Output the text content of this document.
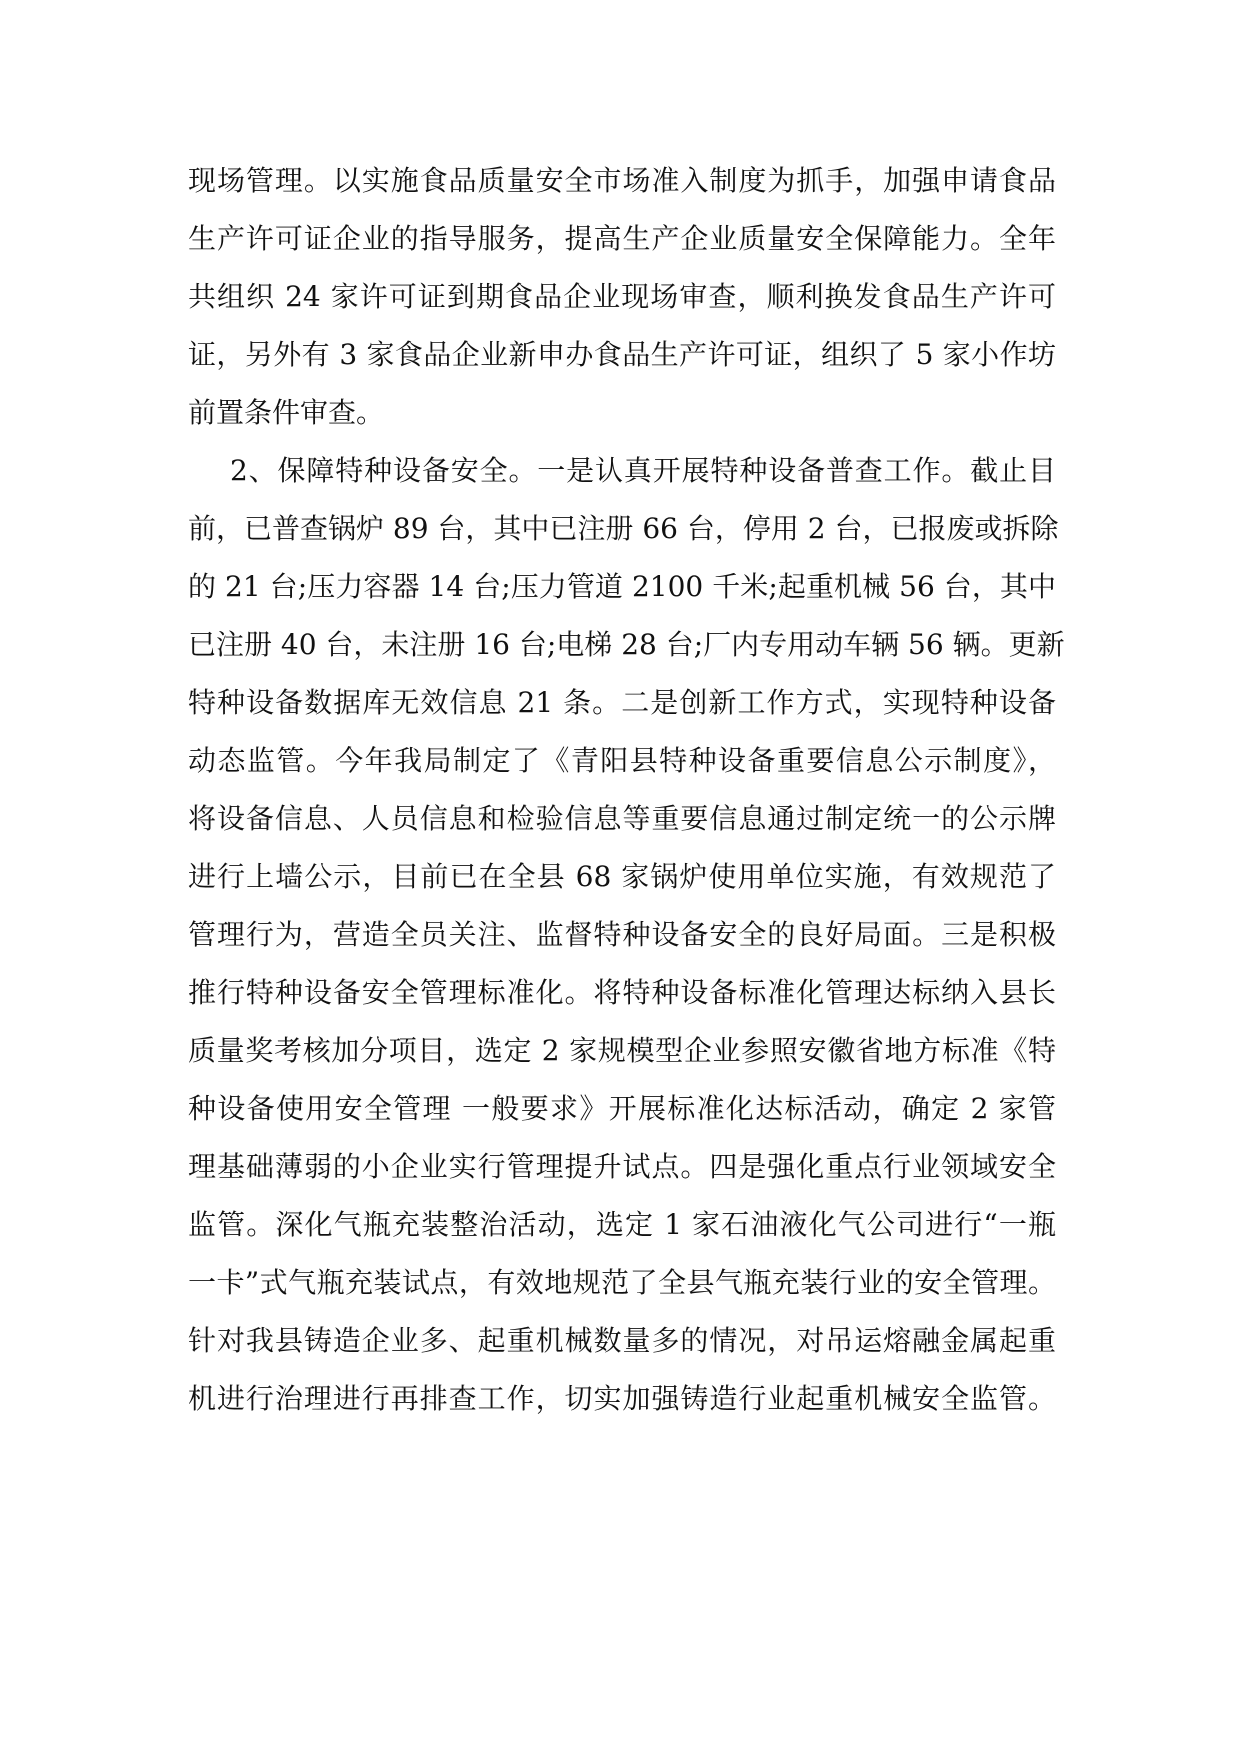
现场管理。以实施食品质量安全市场准入制度为抓手，加强申请食品
生产许可证企业的指导服务，提高生产企业质量安全保障能力。全年
共组织 24 家许可证到期食品企业现场审查，顺利换发食品生产许可
证，另外有 3 家食品企业新申办食品生产许可证，组织了 5 家小作坊
前置条件审查。
2、保障特种设备安全。一是认真开展特种设备普查工作。截止目
前，已普查锅炉 89 台，其中已注册 66 台，停用 2 台，已报废或拆除
的 21 台;压力容器 14 台;压力管道 2100 千米;起重机械 56 台，其中
已注册 40 台，未注册 16 台;电梯 28 台;厂内专用动车辆 56 辆。更新
特种设备数据库无效信息 21 条。二是创新工作方式，实现特种设备
动态监管。今年我局制定了《青阳县特种设备重要信息公示制度》，
将设备信息、人员信息和检验信息等重要信息通过制定统一的公示牌
进行上墙公示，目前已在全县 68 家锅炉使用单位实施，有效规范了
管理行为，营造全员关注、监督特种设备安全的良好局面。三是积极
推行特种设备安全管理标准化。将特种设备标准化管理达标纳入县长
质量奖考核加分项目，选定 2 家规模型企业参照安徽省地方标准《特
种设备使用安全管理 一般要求》开展标准化达标活动，确定 2 家管
理基础薄弱的小企业实行管理提升试点。四是强化重点行业领域安全
监管。深化气瓶充装整治活动，选定 1 家石油液化气公司进行“一瓶
一卡”式气瓶充装试点，有效地规范了全县气瓶充装行业的安全管理。
针对我县铸造企业多、起重机械数量多的情况，对吊运熔融金属起重
机进行治理进行再排查工作，切实加强铸造行业起重机械安全监管。
